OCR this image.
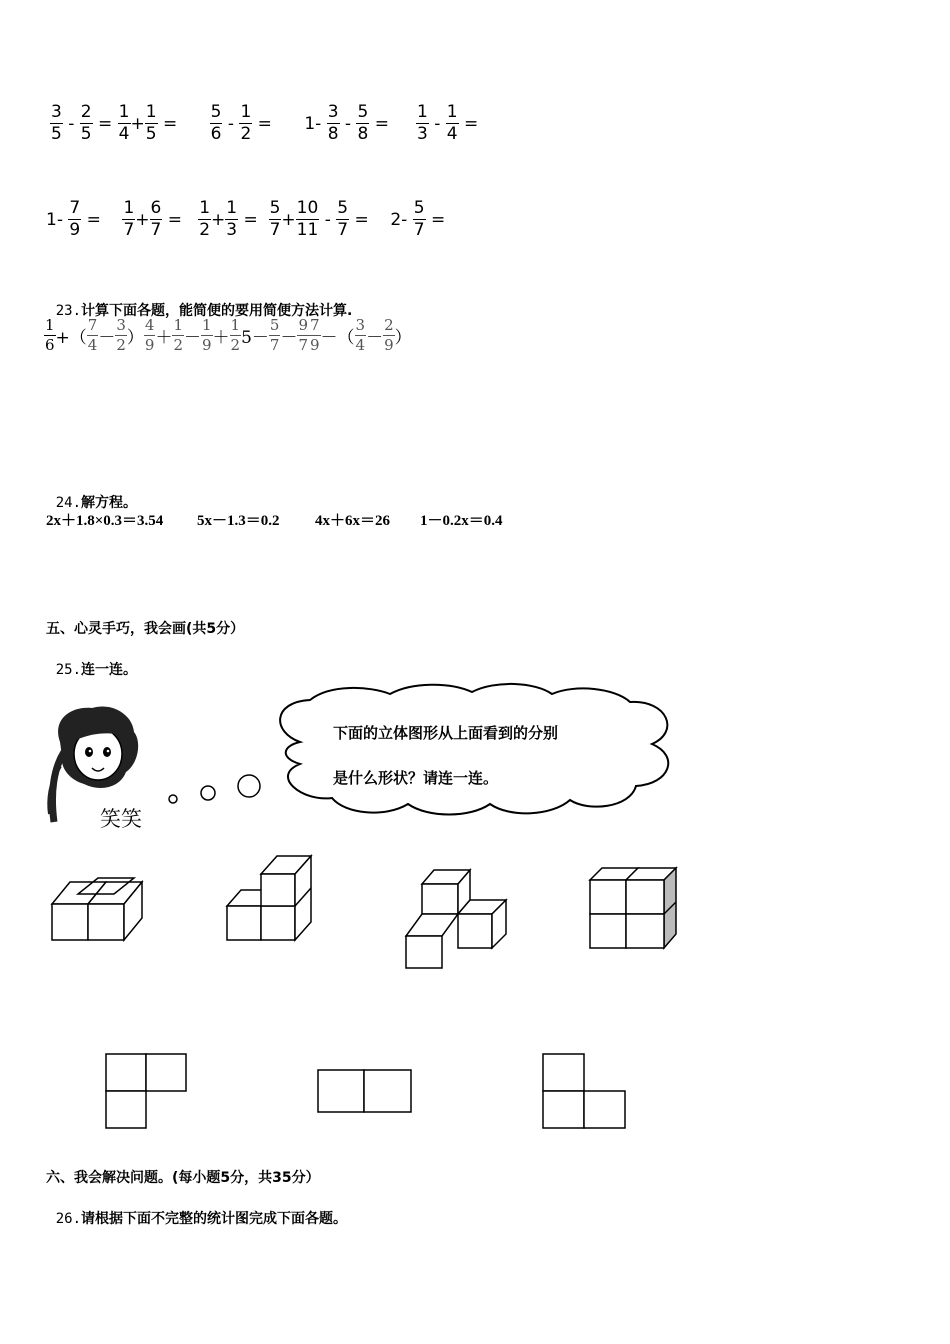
$\frac{3}{5} - \frac{2}{5} = \frac{1}{4} + \frac{1}{5} = \frac{5}{6} - \frac{1}{2}$ =      $1- \frac{3}{8} - \frac{5}{8} = \frac{1}{3} - \frac{1}{4}$ =
$1- \frac{7}{9} = \frac{1}{7} + \frac{6}{7} = \frac{1}{2} + \frac{1}{3} = \frac{5}{7} + \frac{10}{11} - \frac{5}{7}$ =    $2- \frac{5}{7}$ =

23.计算下面各题，能简便的要用简便方法计算.

$\frac{1}{6}$ +（ $\frac{7}{4} - \frac{3}{2}$ ） $\frac{4}{9} + \frac{1}{2} - \frac{1}{9} + \frac{1}{2} 5- \frac{5}{7} - \frac{9}{7} \frac{7}{9}$ －（ $\frac{3}{4} - \frac{2}{9}$ ）

24.解方程。

2x＋1.8×0.3＝3.54 5x－1.3＝0.2 4x＋6x＝26 1－0.2x＝0.4
五、心灵手巧，我会画(共5分）

25.连一连。

笑笑
下面的立体图形从上面看到的分别
是什么形状？请连一连。
六、我会解决问题。(每小题5分，共35分）

26.请根据下面不完整的统计图完成下面各题。
